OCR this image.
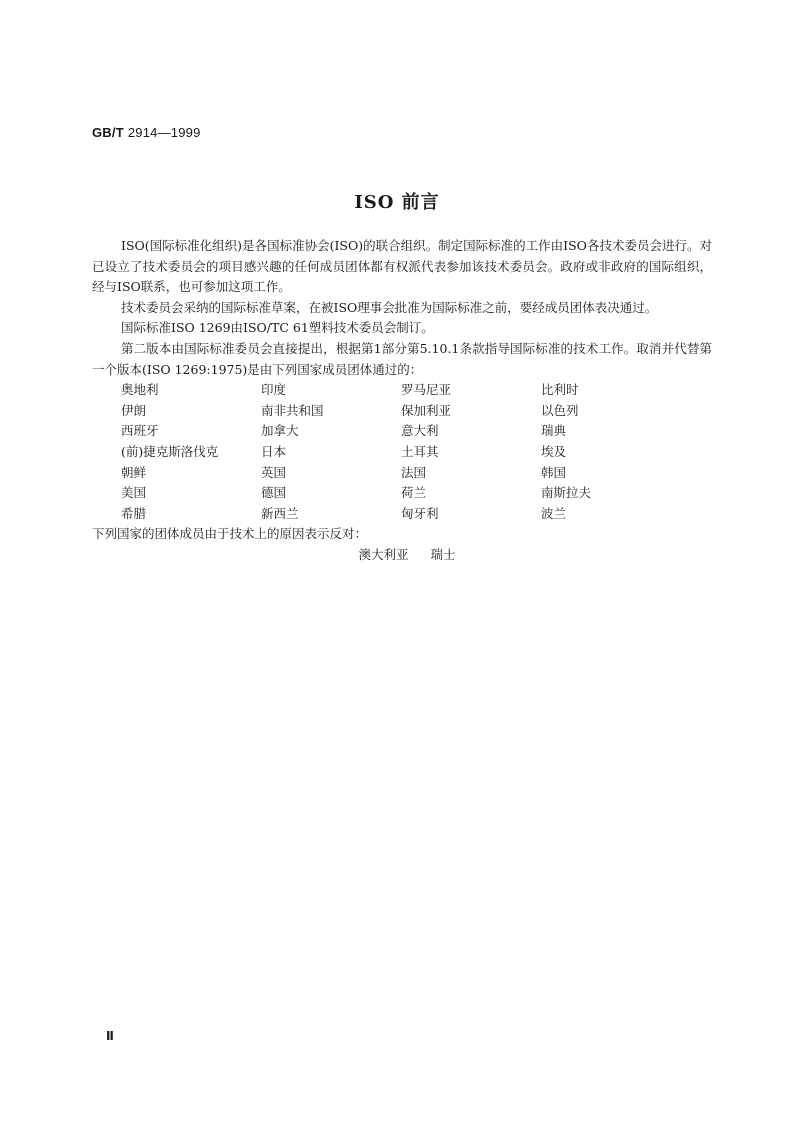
GB/T 2914—1999
ISO 前言

ISO(国际标准化组织)是各国标准协会(ISO)的联合组织。制定国际标准的工作由ISO各技术委员会进行。对已设立了技术委员会的项目感兴趣的任何成员团体都有权派代表参加该技术委员会。政府或非政府的国际组织，经与ISO联系，也可参加这项工作。

技术委员会采纳的国际标准草案，在被ISO理事会批准为国际标准之前，要经成员团体表决通过。

国际标准ISO 1269由ISO/TC 61塑料技术委员会制订。

第二版本由国际标准委员会直接提出，根据第1部分第5.10.1条款指导国际标准的技术工作。取消并代替第一个版本(ISO 1269:1975)是由下列国家成员团体通过的：

奥地利	印度	罗马尼亚	比利时
伊朗	南非共和国	保加利亚	以色列
西班牙	加拿大	意大利	瑞典
(前)捷克斯洛伐克	日本	土耳其	埃及
朝鲜	英国	法国	韩国
美国	德国	荷兰	南斯拉夫
希腊	新西兰	匈牙利	波兰

下列国家的团体成员由于技术上的原因表示反对：

澳大利亚 瑞士

Ⅱ
